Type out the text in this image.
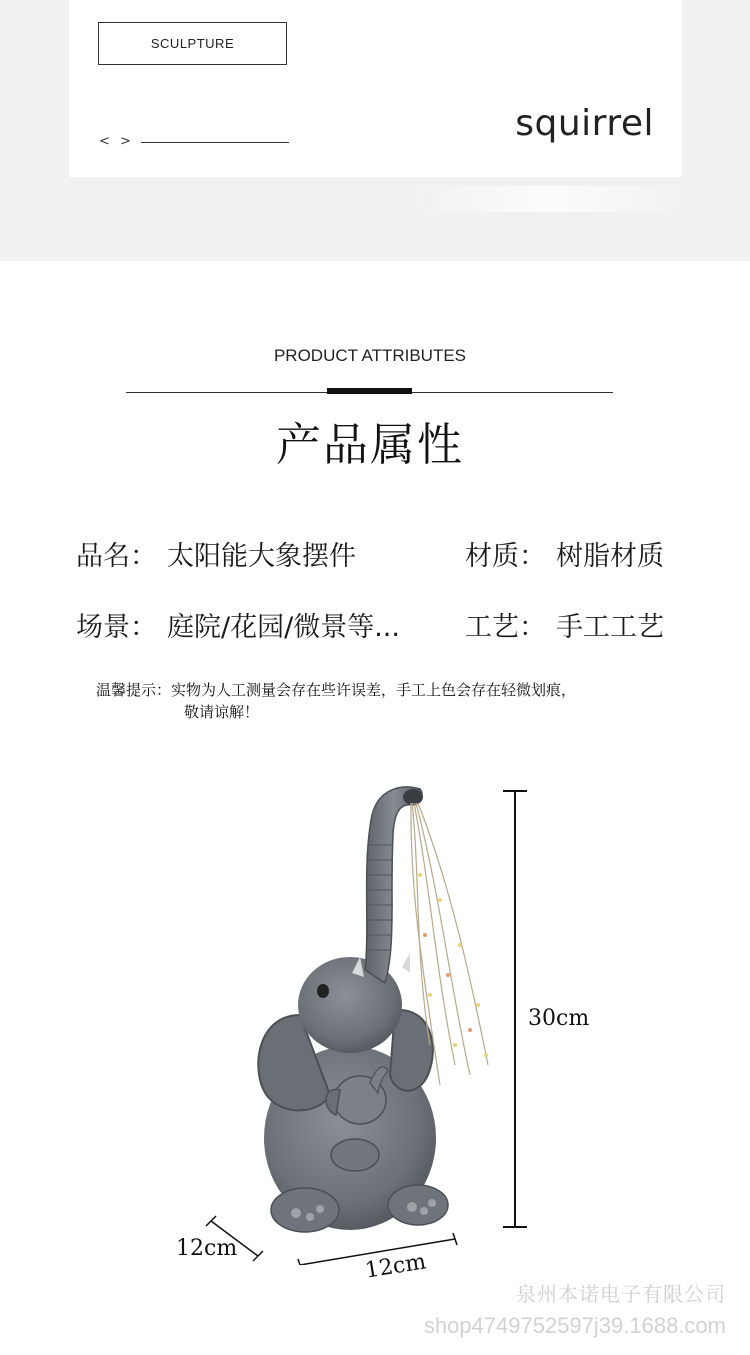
SCULPTURE
< >	squirrel
PRODUCT ATTRIBUTES
产品属性
品名： 太阳能大象摆件	材质： 树脂材质
场景： 庭院/花园/微景等... 工艺： 手工工艺
温馨提示：实物为人工测量会存在些许误差，手工上色会存在轻微划痕，
敬请谅解！
30cm
12cm
12cm
泉州本诺电子有限公司
shop4749752597j39.1688.com
